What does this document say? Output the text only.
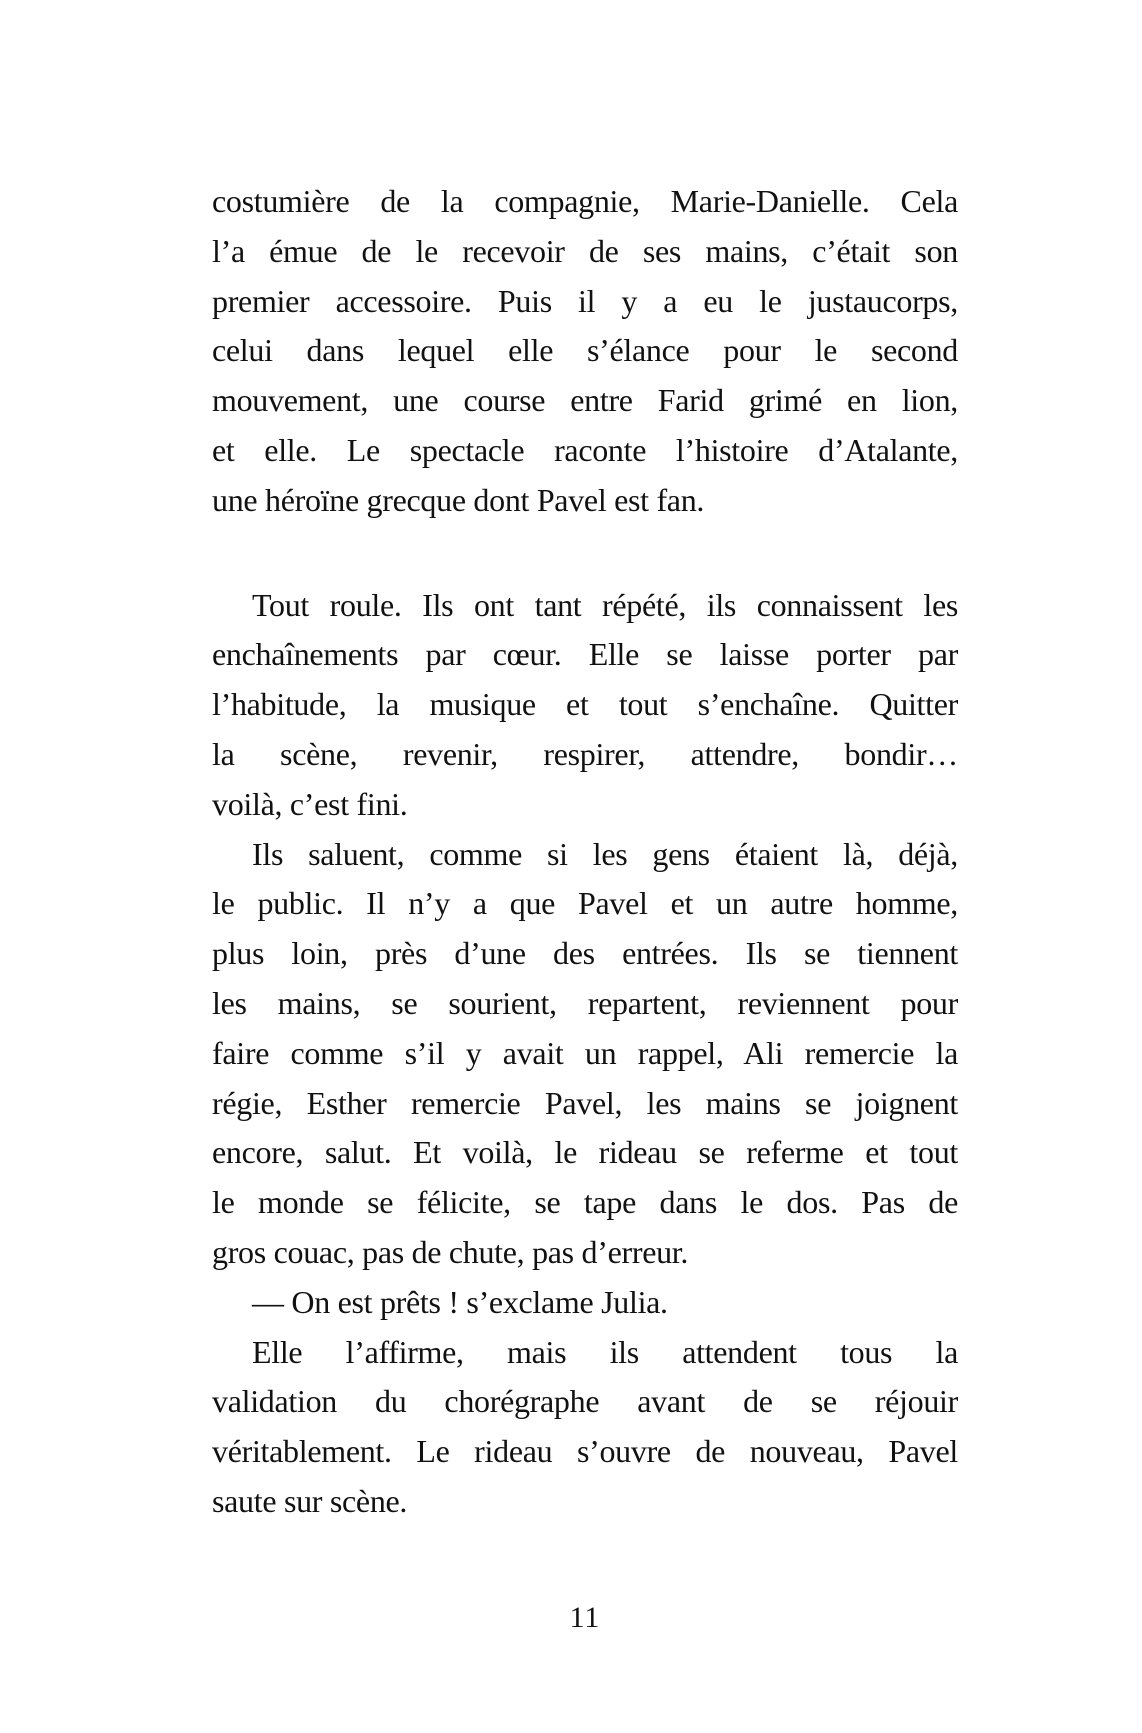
costumière de la compagnie, Marie-Danielle. Cela
l’a émue de le recevoir de ses mains, c’était son
premier accessoire. Puis il y a eu le justaucorps,
celui dans lequel elle s’élance pour le second
mouvement, une course entre Farid grimé en lion,
et elle. Le spectacle raconte l’histoire d’Atalante,
une héroïne grecque dont Pavel est fan.
Tout roule. Ils ont tant répété, ils connaissent les
enchaînements par cœur. Elle se laisse porter par
l’habitude, la musique et tout s’enchaîne. Quitter
la scène, revenir, respirer, attendre, bondir…
voilà, c’est fini.
Ils saluent, comme si les gens étaient là, déjà,
le public. Il n’y a que Pavel et un autre homme,
plus loin, près d’une des entrées. Ils se tiennent
les mains, se sourient, repartent, reviennent pour
faire comme s’il y avait un rappel, Ali remercie la
régie, Esther remercie Pavel, les mains se joignent
encore, salut. Et voilà, le rideau se referme et tout
le monde se félicite, se tape dans le dos. Pas de
gros couac, pas de chute, pas d’erreur.
— On est prêts ! s’exclame Julia.
Elle l’affirme, mais ils attendent tous la
validation du chorégraphe avant de se réjouir
véritablement. Le rideau s’ouvre de nouveau, Pavel
saute sur scène.
11
